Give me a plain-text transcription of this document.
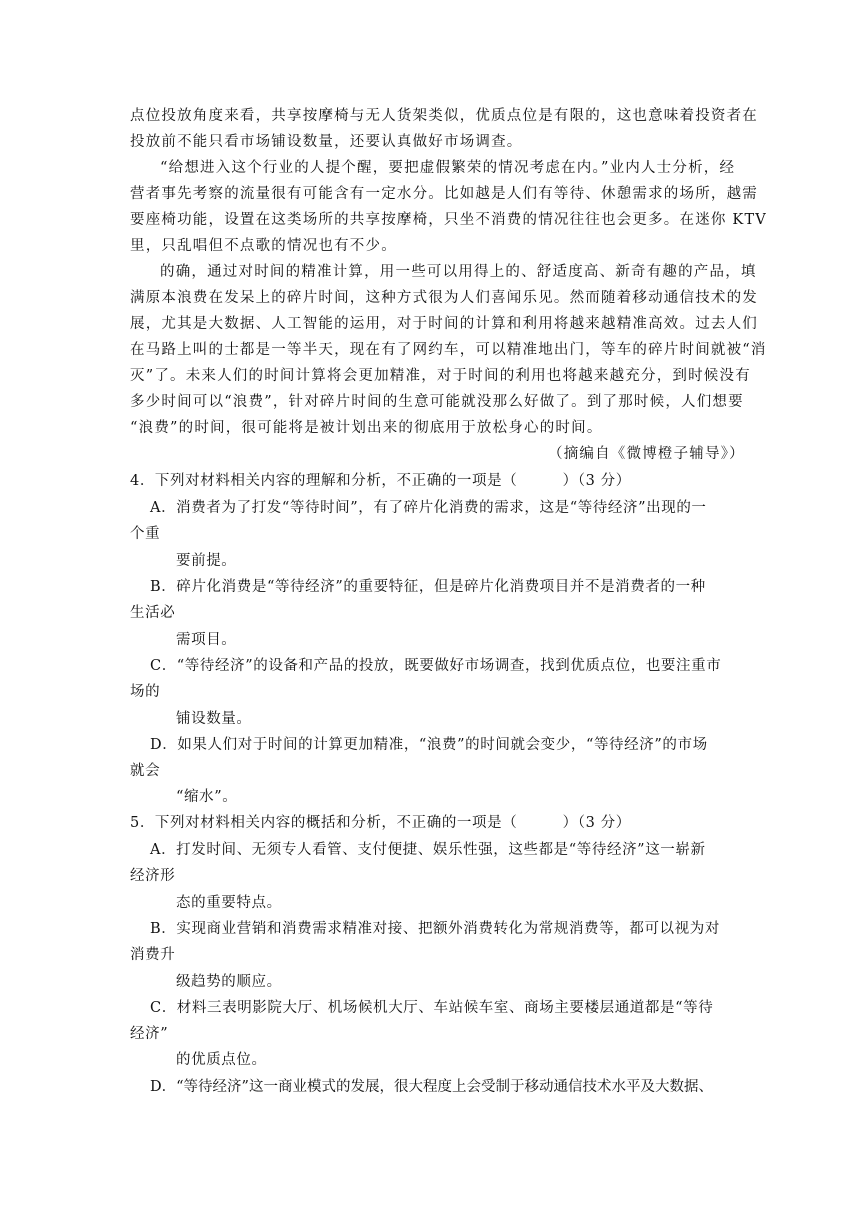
点位投放角度来看，共享按摩椅与无人货架类似，优质点位是有限的，这也意味着投资者在
投放前不能只看市场铺设数量，还要认真做好市场调查。
“给想进入这个行业的人提个醒，要把虚假繁荣的情况考虑在内。”业内人士分析，经
营者事先考察的流量很有可能含有一定水分。比如越是人们有等待、休憩需求的场所，越需
要座椅功能，设置在这类场所的共享按摩椅，只坐不消费的情况往往也会更多。在迷你 KTV
里，只乱唱但不点歌的情况也有不少。
的确，通过对时间的精准计算，用一些可以用得上的、舒适度高、新奇有趣的产品，填
满原本浪费在发呆上的碎片时间，这种方式很为人们喜闻乐见。然而随着移动通信技术的发
展，尤其是大数据、人工智能的运用，对于时间的计算和利用将越来越精准高效。过去人们
在马路上叫的士都是一等半天，现在有了网约车，可以精准地出门，等车的碎片时间就被“消
灭”了。未来人们的时间计算将会更加精准，对于时间的利用也将越来越充分，到时候没有
多少时间可以“浪费”，针对碎片时间的生意可能就没那么好做了。到了那时候，人们想要
“浪费”的时间，很可能将是被计划出来的彻底用于放松身心的时间。
（摘编自《微博橙子辅导》）
4．下列对材料相关内容的理解和分析，不正确的一项是（　　　）（3 分）
A．消费者为了打发“等待时间”，有了碎片化消费的需求，这是“等待经济”出现的一
个重
要前提。
B．碎片化消费是“等待经济”的重要特征，但是碎片化消费项目并不是消费者的一种
生活必
需项目。
C．“等待经济”的设备和产品的投放，既要做好市场调查，找到优质点位，也要注重市
场的
铺设数量。
D．如果人们对于时间的计算更加精准，“浪费”的时间就会变少，“等待经济”的市场
就会
“缩水”。
5．下列对材料相关内容的概括和分析，不正确的一项是（　　　）（3 分）
A．打发时间、无须专人看管、支付便捷、娱乐性强，这些都是“等待经济”这一崭新
经济形
态的重要特点。
B．实现商业营销和消费需求精准对接、把额外消费转化为常规消费等，都可以视为对
消费升
级趋势的顺应。
C．材料三表明影院大厅、机场候机大厅、车站候车室、商场主要楼层通道都是“等待
经济”
的优质点位。
D．“等待经济”这一商业模式的发展，很大程度上会受制于移动通信技术水平及大数据、
